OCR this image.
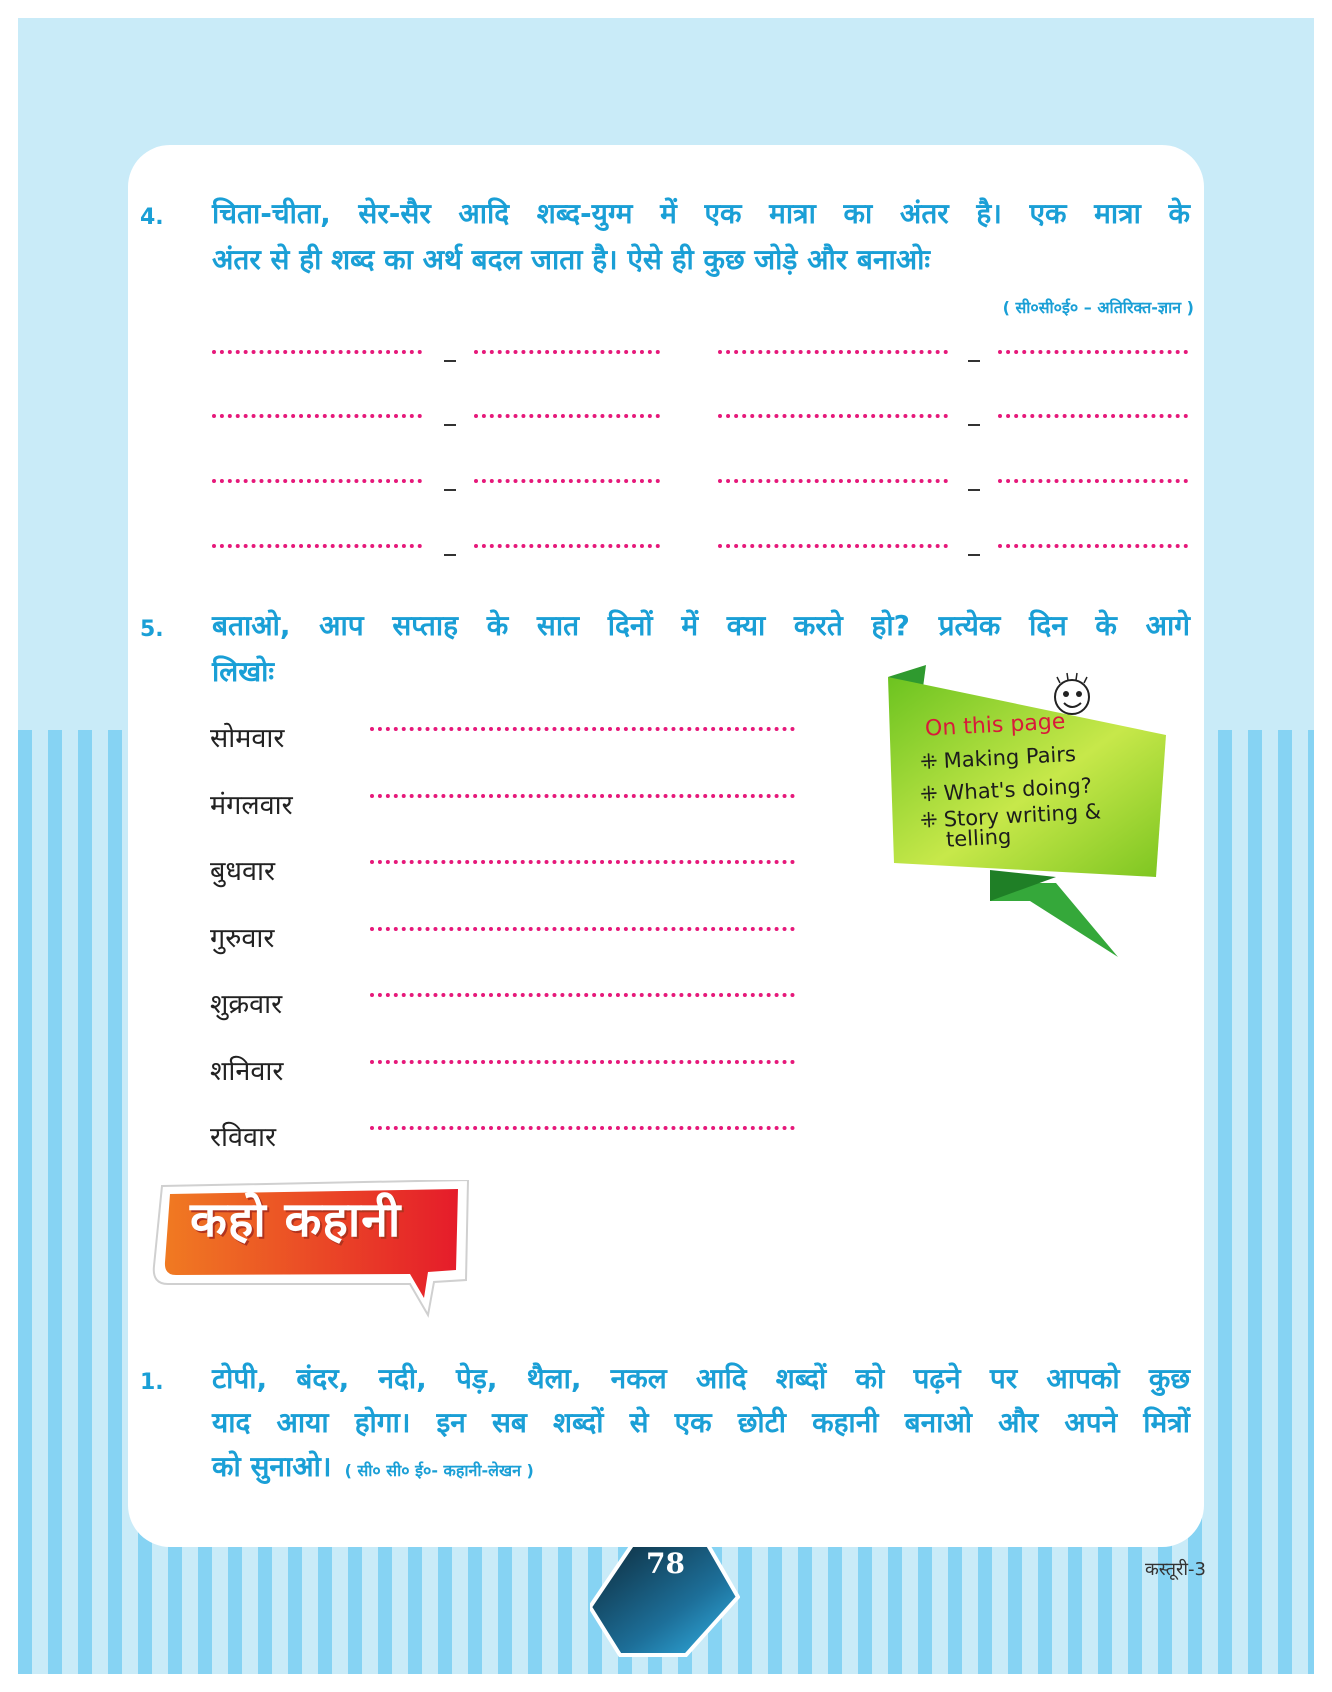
4. चिता-चीता, सेर-सैर आदि शब्द-युग्म में एक मात्रा का अंतर है। एक मात्रा के

अंतर से ही शब्द का अर्थ बदल जाता है। ऐसे ही कुछ जोड़े और बनाओः

( सी०सी०ई० – अतिरिक्त-ज्ञान )
5. बताओ, आप सप्ताह के सात दिनों में क्या करते हो? प्रत्येक दिन के आगे

लिखोः

सोमवार
मंगलवार
बुधवार
गुरुवार
शुक्रवार
शनिवार
रविवार
On this page
⁜ Making Pairs
⁜ What's doing?
⁜ Story writing &
telling
कहो कहानी
1. टोपी, बंदर, नदी, पेड़, थैला, नकल आदि शब्दों को पढ़ने पर आपको कुछ

याद आया होगा। इन सब शब्दों से एक छोटी कहानी बनाओ और अपने मित्रों

को सुनाओ। ( सी० सी० ई०- कहानी-लेखन )
78	कस्तूरी-3
